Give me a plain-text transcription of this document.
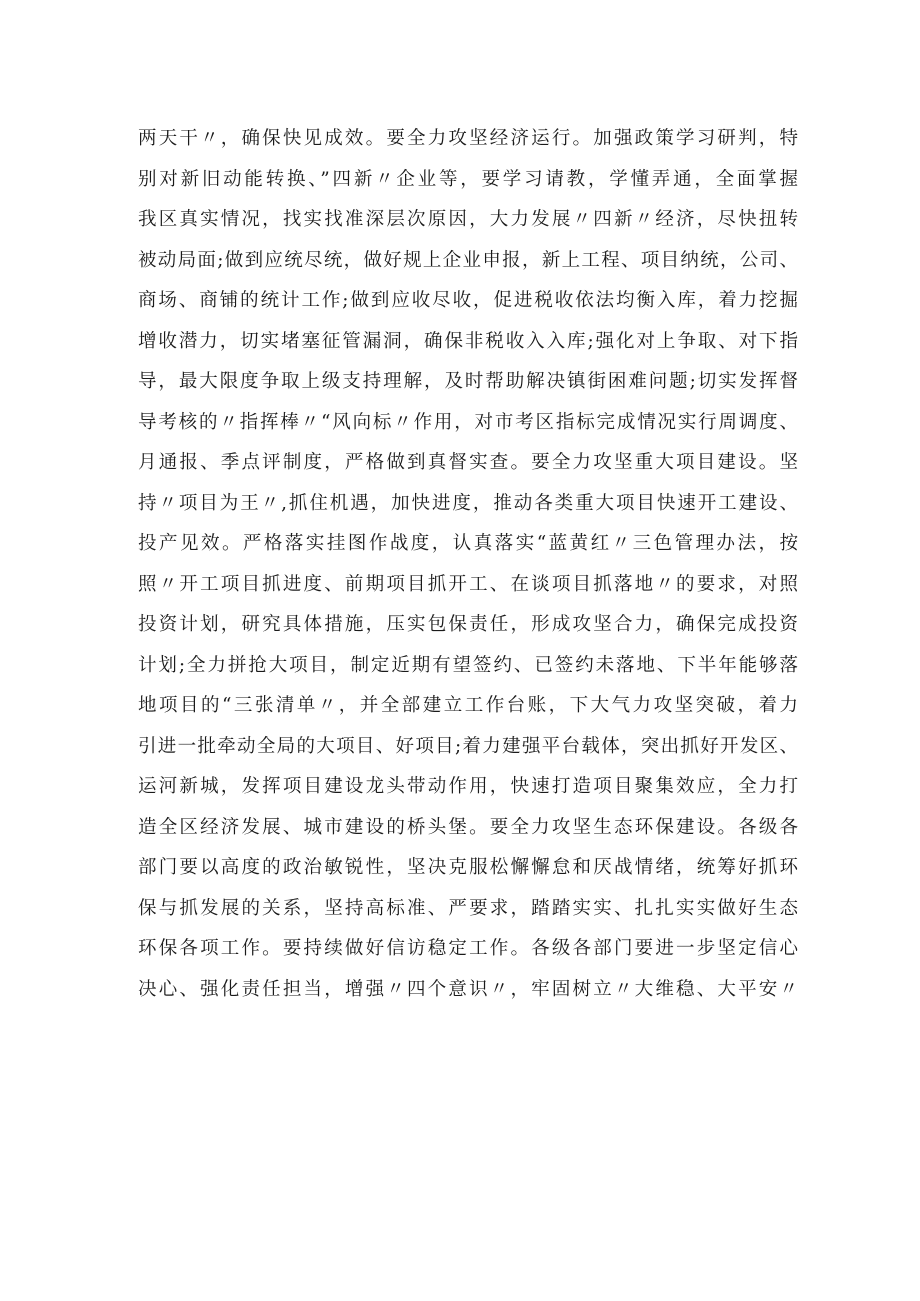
两天干〃，确保快见成效。要全力攻坚经济运行。加强政策学习研判，特
别对新旧动能转换、”四新〃企业等，要学习请教，学懂弄通，全面掌握
我区真实情况，找实找准深层次原因，大力发展〃四新〃经济，尽快扭转
被动局面;做到应统尽统，做好规上企业申报，新上工程、项目纳统，公司、
商场、商铺的统计工作;做到应收尽收，促进税收依法均衡入库，着力挖掘
增收潜力，切实堵塞征管漏洞，确保非税收入入库;强化对上争取、对下指
导，最大限度争取上级支持理解，及时帮助解决镇街困难问题;切实发挥督
导考核的〃指挥棒〃“风向标〃作用，对市考区指标完成情况实行周调度、
月通报、季点评制度，严格做到真督实查。要全力攻坚重大项目建设。坚
持〃项目为王〃,抓住机遇，加快进度，推动各类重大项目快速开工建设、
投产见效。严格落实挂图作战度，认真落实“蓝黄红〃三色管理办法，按
照〃开工项目抓进度、前期项目抓开工、在谈项目抓落地〃的要求，对照
投资计划，研究具体措施，压实包保责任，形成攻坚合力，确保完成投资
计划;全力拼抢大项目，制定近期有望签约、已签约未落地、下半年能够落
地项目的“三张清单〃，并全部建立工作台账，下大气力攻坚突破，着力
引进一批牵动全局的大项目、好项目;着力建强平台载体，突出抓好开发区、
运河新城，发挥项目建设龙头带动作用，快速打造项目聚集效应，全力打
造全区经济发展、城市建设的桥头堡。要全力攻坚生态环保建设。各级各
部门要以高度的政治敏锐性，坚决克服松懈懈怠和厌战情绪，统筹好抓环
保与抓发展的关系，坚持高标准、严要求，踏踏实实、扎扎实实做好生态
环保各项工作。要持续做好信访稳定工作。各级各部门要进一步坚定信心
决心、强化责任担当，增强〃四个意识〃，牢固树立〃大维稳、大平安〃
